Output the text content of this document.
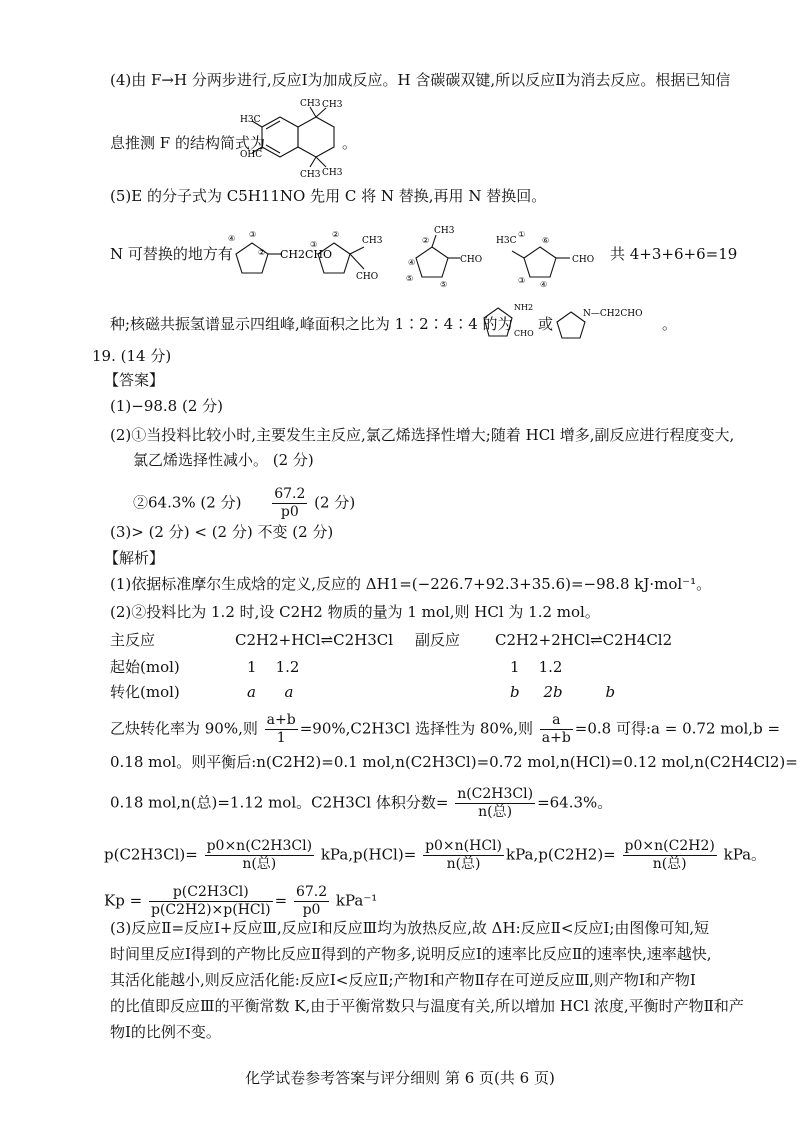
(4)由 F→H 分两步进行,反应Ⅰ为加成反应。H 含碳碳双键,所以反应Ⅱ为消去反应。根据已知信
息推测 F 的结构简式为
CH3 CH3
H3C
OHC
CH3 CH3
。
(5)E 的分子式为 C5H11NO 先用 C 将 N 替换,再用 N 替换回。
N 可替换的地方有
④ ③
② CH2CHO
③
②
CH3
CHO
CH3
②
④
⑤
⑤
CHO
H3C
①
⑥
③ ④
CHO 共 4+3+6+6=19
种;核磁共振氢谱显示四组峰,峰面积之比为 1∶2∶4∶4 的为
NH2
CHO
或
N—CH2CHO
。
19. (14 分)
【答案】
(1)−98.8 (2 分)
(2)①当投料比较小时,主要发生主反应,氯乙烯选择性增大;随着 HCl 增多,副反应进行程度变大,
氯乙烯选择性减小。 (2 分)
②64.3% (2 分) $\frac{67.2}{p0} (2$ 分)
(3)> (2 分) < (2 分) 不变 (2 分)
【解析】
(1)依据标准摩尔生成焓的定义,反应的 ΔH1=(−226.7+92.3+35.6)=−98.8 kJ·mol⁻¹。
(2)②投料比为 1.2 时,设 C2H2 物质的量为 1 mol,则 HCl 为 1.2 mol。
主反应	C2H2+HCl⇌C2H3Cl 副反应 C2H2+2HCl⇌C2H4Cl2
起始(mol)	1    1.2	1    1.2
转化(mol)	a      a	b     2b         b
乙炔转化率为 90%,则 $\frac{a+b}{1} =90\%,C2H3Cl$ 选择性为 80%,则 $\frac{a}{a+b} =0.8$ 可得:a = 0.72 mol,b =
0.18 mol。则平衡后:n(C2H2)=0.1 mol,n(C2H3Cl)=0.72 mol,n(HCl)=0.12 mol,n(C2H4Cl2)=
0.18 mol,n(总)=1.12 mol。C2H3Cl 体积分数= $\frac{n(C2H3Cl)}{\text{n(总)}} =64.3\%$。
$p(C2H3Cl)= \frac{p0\times n(C2H3Cl)}{\text{n(总)}} kPa,p(HCl)= \frac{\text{p0×n(HCl)}}{\text{n(总)}} kPa,p(C2H2)= \frac{p0\times n(C2H2)}{\text{n(总)}}$ kPa。
$Kp = \frac{p(C2H3Cl)}{\text{p(C2H2)×p(HCl)}} = \frac{67.2}{p0} kPa^{-1}$
(3)反应Ⅱ=反应Ⅰ+反应Ⅲ,反应Ⅰ和反应Ⅲ均为放热反应,故 ΔH:反应Ⅱ<反应Ⅰ;由图像可知,短
时间里反应Ⅰ得到的产物比反应Ⅱ得到的产物多,说明反应Ⅰ的速率比反应Ⅱ的速率快,速率越快,
其活化能越小,则反应活化能:反应Ⅰ<反应Ⅱ;产物Ⅰ和产物Ⅱ存在可逆反应Ⅲ,则产物Ⅰ和产物Ⅰ
的比值即反应Ⅲ的平衡常数 K,由于平衡常数只与温度有关,所以增加 HCl 浓度,平衡时产物Ⅱ和产
物Ⅰ的比例不变。
化学试卷参考答案与评分细则 第 6 页(共 6 页)
